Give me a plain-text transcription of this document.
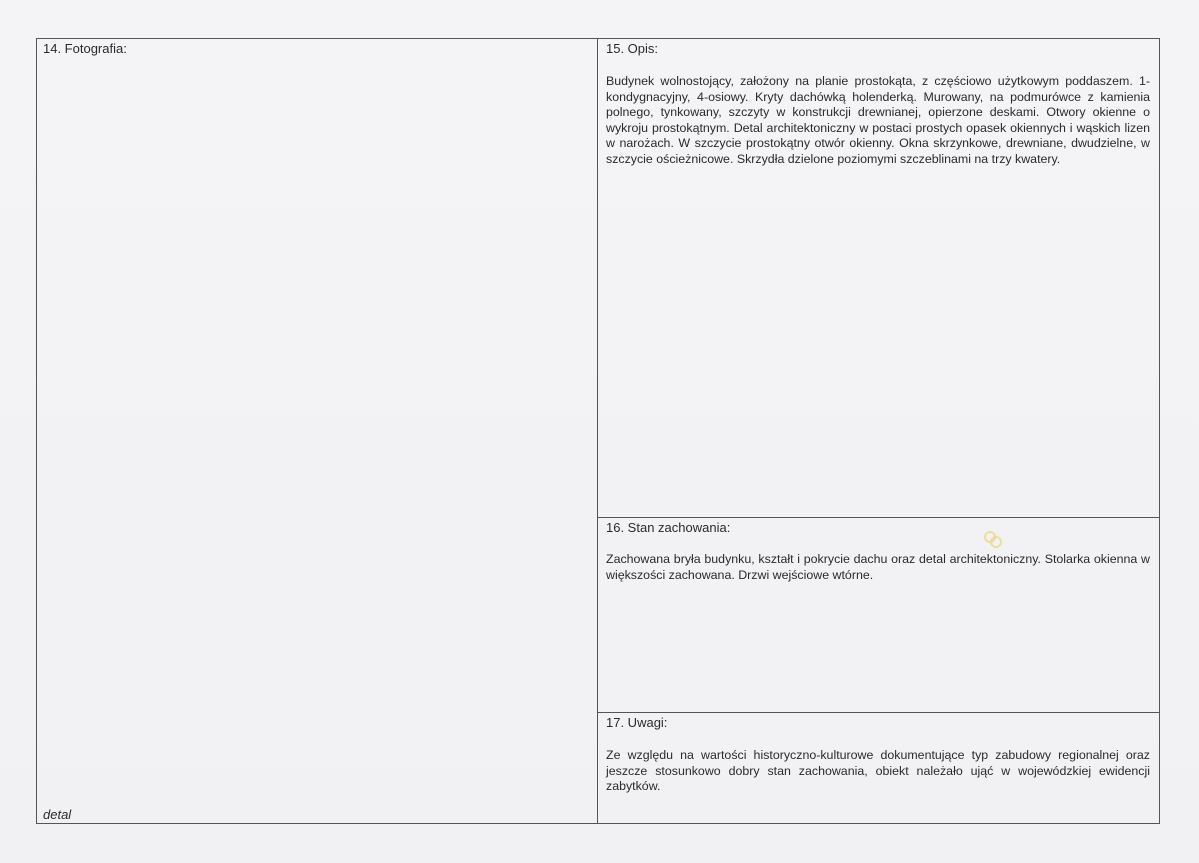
14. Fotografia:
detal
15. Opis:
Budynek wolnostojący, założony na planie prostokąta, z częściowo użytkowym poddaszem. 1-kondygnacyjny, 4-osiowy. Kryty dachówką holenderką. Murowany, na podmurówce z kamienia polnego, tynkowany, szczyty w konstrukcji drewnianej, opierzone deskami. Otwory okienne o wykroju prostokątnym. Detal architektoniczny w postaci prostych opasek okiennych i wąskich lizen w narożach. W szczycie prostokątny otwór okienny. Okna skrzynkowe, drewniane, dwudzielne, w szczycie ościeżnicowe. Skrzydła dzielone poziomymi szczeblinami na trzy kwatery.
16. Stan zachowania:
Zachowana bryła budynku, kształt i pokrycie dachu oraz detal architektoniczny. Stolarka okienna w większości zachowana. Drzwi wejściowe wtórne.
17. Uwagi:
Ze względu na wartości historyczno-kulturowe dokumentujące typ zabudowy regionalnej oraz jeszcze stosunkowo dobry stan zachowania, obiekt należało ująć w wojewódzkiej ewidencji zabytków.
